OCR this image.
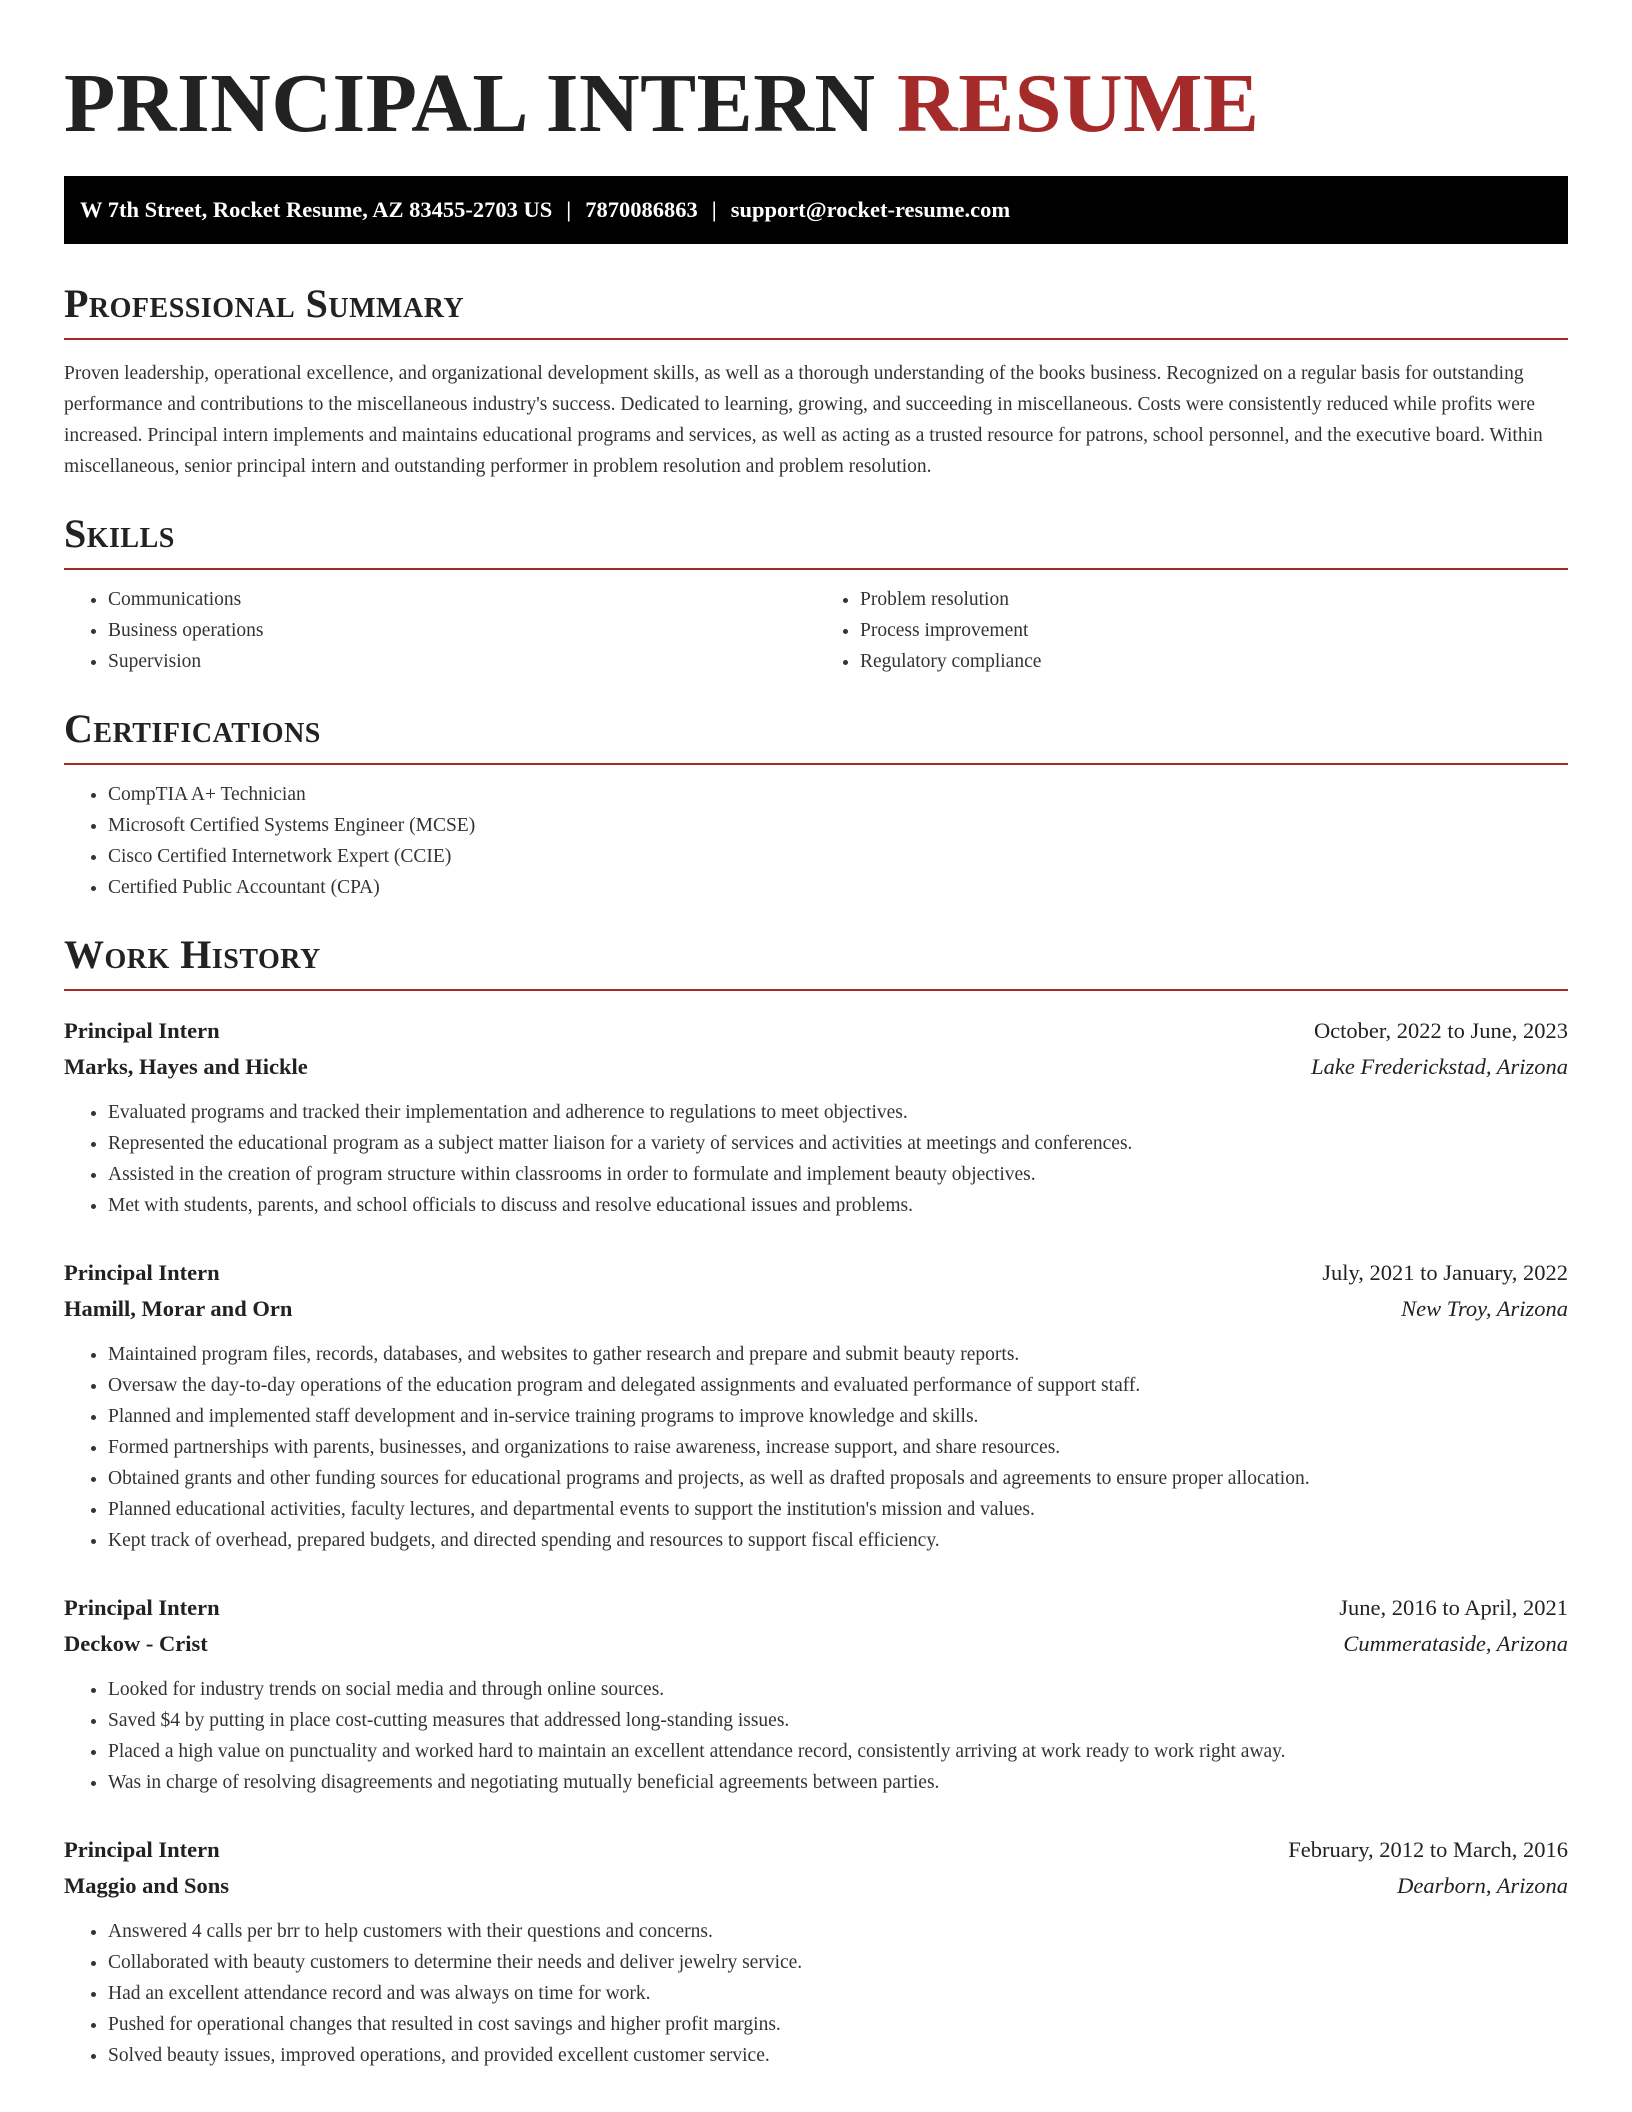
PRINCIPAL INTERN RESUME
W 7th Street, Rocket Resume, AZ 83455-2703 US | 7870086863 | support@rocket-resume.com
Professional Summary

Proven leadership, operational excellence, and organizational development skills, as well as a thorough understanding of the books business. Recognized on a regular basis for outstanding performance and contributions to the miscellaneous industry's success. Dedicated to learning, growing, and succeeding in miscellaneous. Costs were consistently reduced while profits were increased. Principal intern implements and maintains educational programs and services, as well as acting as a trusted resource for patrons, school personnel, and the executive board. Within miscellaneous, senior principal intern and outstanding performer in problem resolution and problem resolution.

Skills
• Communications
• Business operations
• Supervision
• Problem resolution
• Process improvement
• Regulatory compliance
Certifications
• CompTIA A+ Technician
• Microsoft Certified Systems Engineer (MCSE)
• Cisco Certified Internetwork Expert (CCIE)
• Certified Public Accountant (CPA)
Work History
Principal Intern	October, 2022 to June, 2023
Marks, Hayes and Hickle	Lake Frederickstad, Arizona
• Evaluated programs and tracked their implementation and adherence to regulations to meet objectives.
• Represented the educational program as a subject matter liaison for a variety of services and activities at meetings and conferences.
• Assisted in the creation of program structure within classrooms in order to formulate and implement beauty objectives.
• Met with students, parents, and school officials to discuss and resolve educational issues and problems.
Principal Intern	July, 2021 to January, 2022
Hamill, Morar and Orn	New Troy, Arizona
• Maintained program files, records, databases, and websites to gather research and prepare and submit beauty reports.
• Oversaw the day-to-day operations of the education program and delegated assignments and evaluated performance of support staff.
• Planned and implemented staff development and in-service training programs to improve knowledge and skills.
• Formed partnerships with parents, businesses, and organizations to raise awareness, increase support, and share resources.
• Obtained grants and other funding sources for educational programs and projects, as well as drafted proposals and agreements to ensure proper allocation.
• Planned educational activities, faculty lectures, and departmental events to support the institution's mission and values.
• Kept track of overhead, prepared budgets, and directed spending and resources to support fiscal efficiency.
Principal Intern	June, 2016 to April, 2021
Deckow - Crist	Cummerataside, Arizona
• Looked for industry trends on social media and through online sources.
• Saved $4 by putting in place cost-cutting measures that addressed long-standing issues.
• Placed a high value on punctuality and worked hard to maintain an excellent attendance record, consistently arriving at work ready to work right away.
• Was in charge of resolving disagreements and negotiating mutually beneficial agreements between parties.
Principal Intern	February, 2012 to March, 2016
Maggio and Sons	Dearborn, Arizona
• Answered 4 calls per brr to help customers with their questions and concerns.
• Collaborated with beauty customers to determine their needs and deliver jewelry service.
• Had an excellent attendance record and was always on time for work.
• Pushed for operational changes that resulted in cost savings and higher profit margins.
• Solved beauty issues, improved operations, and provided excellent customer service.
